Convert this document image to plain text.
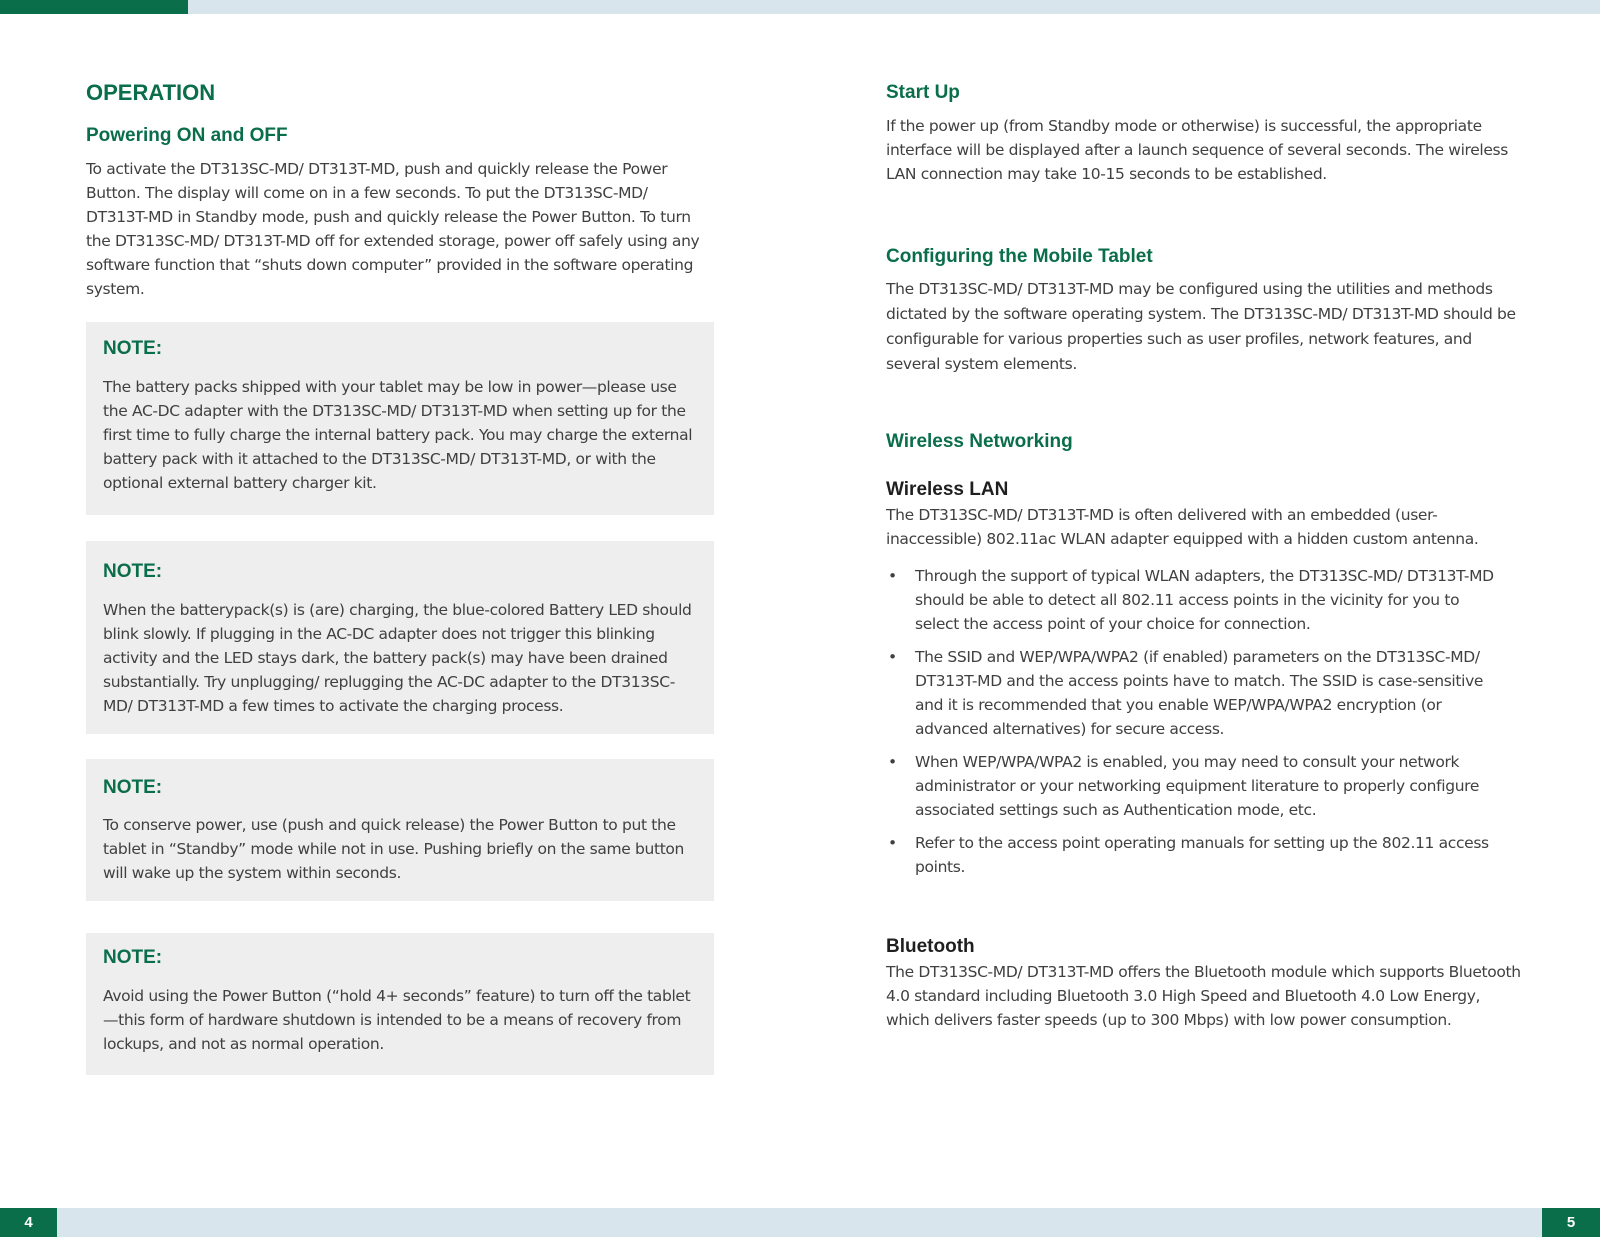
OPERATION
Powering ON and OFF

To activate the DT313SC-MD/ DT313T-MD, push and quickly release the Power Button. The display will come on in a few seconds. To put the DT313SC-MD/ DT313T-MD in Standby mode, push and quickly release the Power Button. To turn the DT313SC-MD/ DT313T-MD off for extended storage, power off safely using any software function that “shuts down computer” provided in the software operating system.

NOTE:

The battery packs shipped with your tablet may be low in power—please use the AC-DC adapter with the DT313SC-MD/ DT313T-MD when setting up for the first time to fully charge the internal battery pack. You may charge the external battery pack with it attached to the DT313SC-MD/ DT313T-MD, or with the optional external battery charger kit.

NOTE:

When the batterypack(s) is (are) charging, the blue-colored Battery LED should blink slowly. If plugging in the AC-DC adapter does not trigger this blinking activity and the LED stays dark, the battery pack(s) may have been drained substantially. Try unplugging/ replugging the AC-DC adapter to the DT313SC-MD/ DT313T-MD a few times to activate the charging process.

NOTE:

To conserve power, use (push and quick release) the Power Button to put the tablet in “Standby” mode while not in use. Pushing briefly on the same button will wake up the system within seconds.

NOTE:

Avoid using the Power Button (“hold 4+ seconds” feature) to turn off the tablet—this form of hardware shutdown is intended to be a means of recovery from lockups, and not as normal operation.

Start Up

If the power up (from Standby mode or otherwise) is successful, the appropriate interface will be displayed after a launch sequence of several seconds. The wireless LAN connection may take 10-15 seconds to be established.

Configuring the Mobile Tablet

The DT313SC-MD/ DT313T-MD may be configured using the utilities and methods dictated by the software operating system. The DT313SC-MD/ DT313T-MD should be configurable for various properties such as user profiles, network features, and several system elements.

Wireless Networking
Wireless LAN

The DT313SC-MD/ DT313T-MD is often delivered with an embedded (user-inaccessible) 802.11ac WLAN adapter equipped with a hidden custom antenna.

• Through the support of typical WLAN adapters, the DT313SC-MD/ DT313T-MD should be able to detect all 802.11 access points in the vicinity for you to select the access point of your choice for connection.
• The SSID and WEP/WPA/WPA2 (if enabled) parameters on the DT313SC-MD/ DT313T-MD and the access points have to match. The SSID is case-sensitive and it is recommended that you enable WEP/WPA/WPA2 encryption (or advanced alternatives) for secure access.
• When WEP/WPA/WPA2 is enabled, you may need to consult your network administrator or your networking equipment literature to properly configure associated settings such as Authentication mode, etc.
• Refer to the access point operating manuals for setting up the 802.11 access points.
Bluetooth

The DT313SC-MD/ DT313T-MD offers the Bluetooth module which supports Bluetooth 4.0 standard including Bluetooth 3.0 High Speed and Bluetooth 4.0 Low Energy, which delivers faster speeds (up to 300 Mbps) with low power consumption.

4	5
